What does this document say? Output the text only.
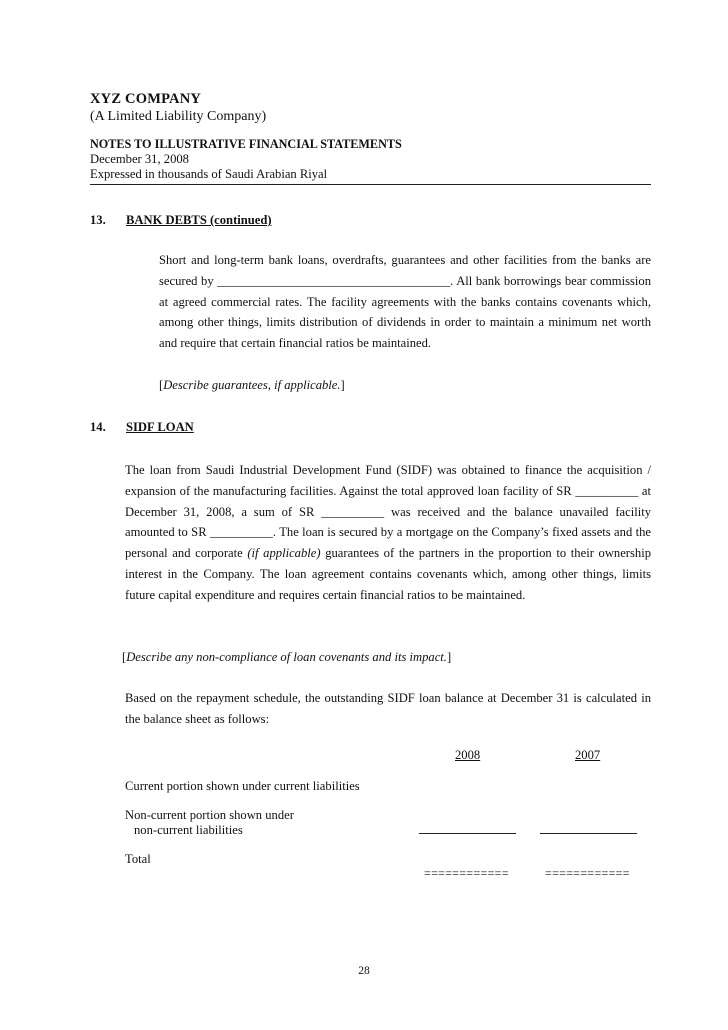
XYZ COMPANY
(A Limited Liability Company)
NOTES TO ILLUSTRATIVE FINANCIAL STATEMENTS
December 31, 2008
Expressed in thousands of Saudi Arabian Riyal
13. BANK DEBTS (continued)

Short and long-term bank loans, overdrafts, guarantees and other facilities from the banks are secured by _____________________________________. All bank borrowings bear commission at agreed commercial rates. The facility agreements with the banks contains covenants which, among other things, limits distribution of dividends in order to maintain a minimum net worth and require that certain financial ratios be maintained.

[Describe guarantees, if applicable.]
14. SIDF LOAN

The loan from Saudi Industrial Development Fund (SIDF) was obtained to finance the acquisition / expansion of the manufacturing facilities. Against the total approved loan facility of SR __________ at December 31, 2008, a sum of SR __________ was received and the balance unavailed facility amounted to SR __________. The loan is secured by a mortgage on the Company’s fixed assets and the personal and corporate (if applicable) guarantees of the partners in the proportion to their ownership interest in the Company. The loan agreement contains covenants which, among other things, limits future capital expenditure and requires certain financial ratios to be maintained.

[Describe any non-compliance of loan covenants and its impact.]

Based on the repayment schedule, the outstanding SIDF loan balance at December 31 is calculated in the balance sheet as follows:

2008	2007
Current portion shown under current liabilities
Non-current portion shown under
non-current liabilities
Total
============	============
28
